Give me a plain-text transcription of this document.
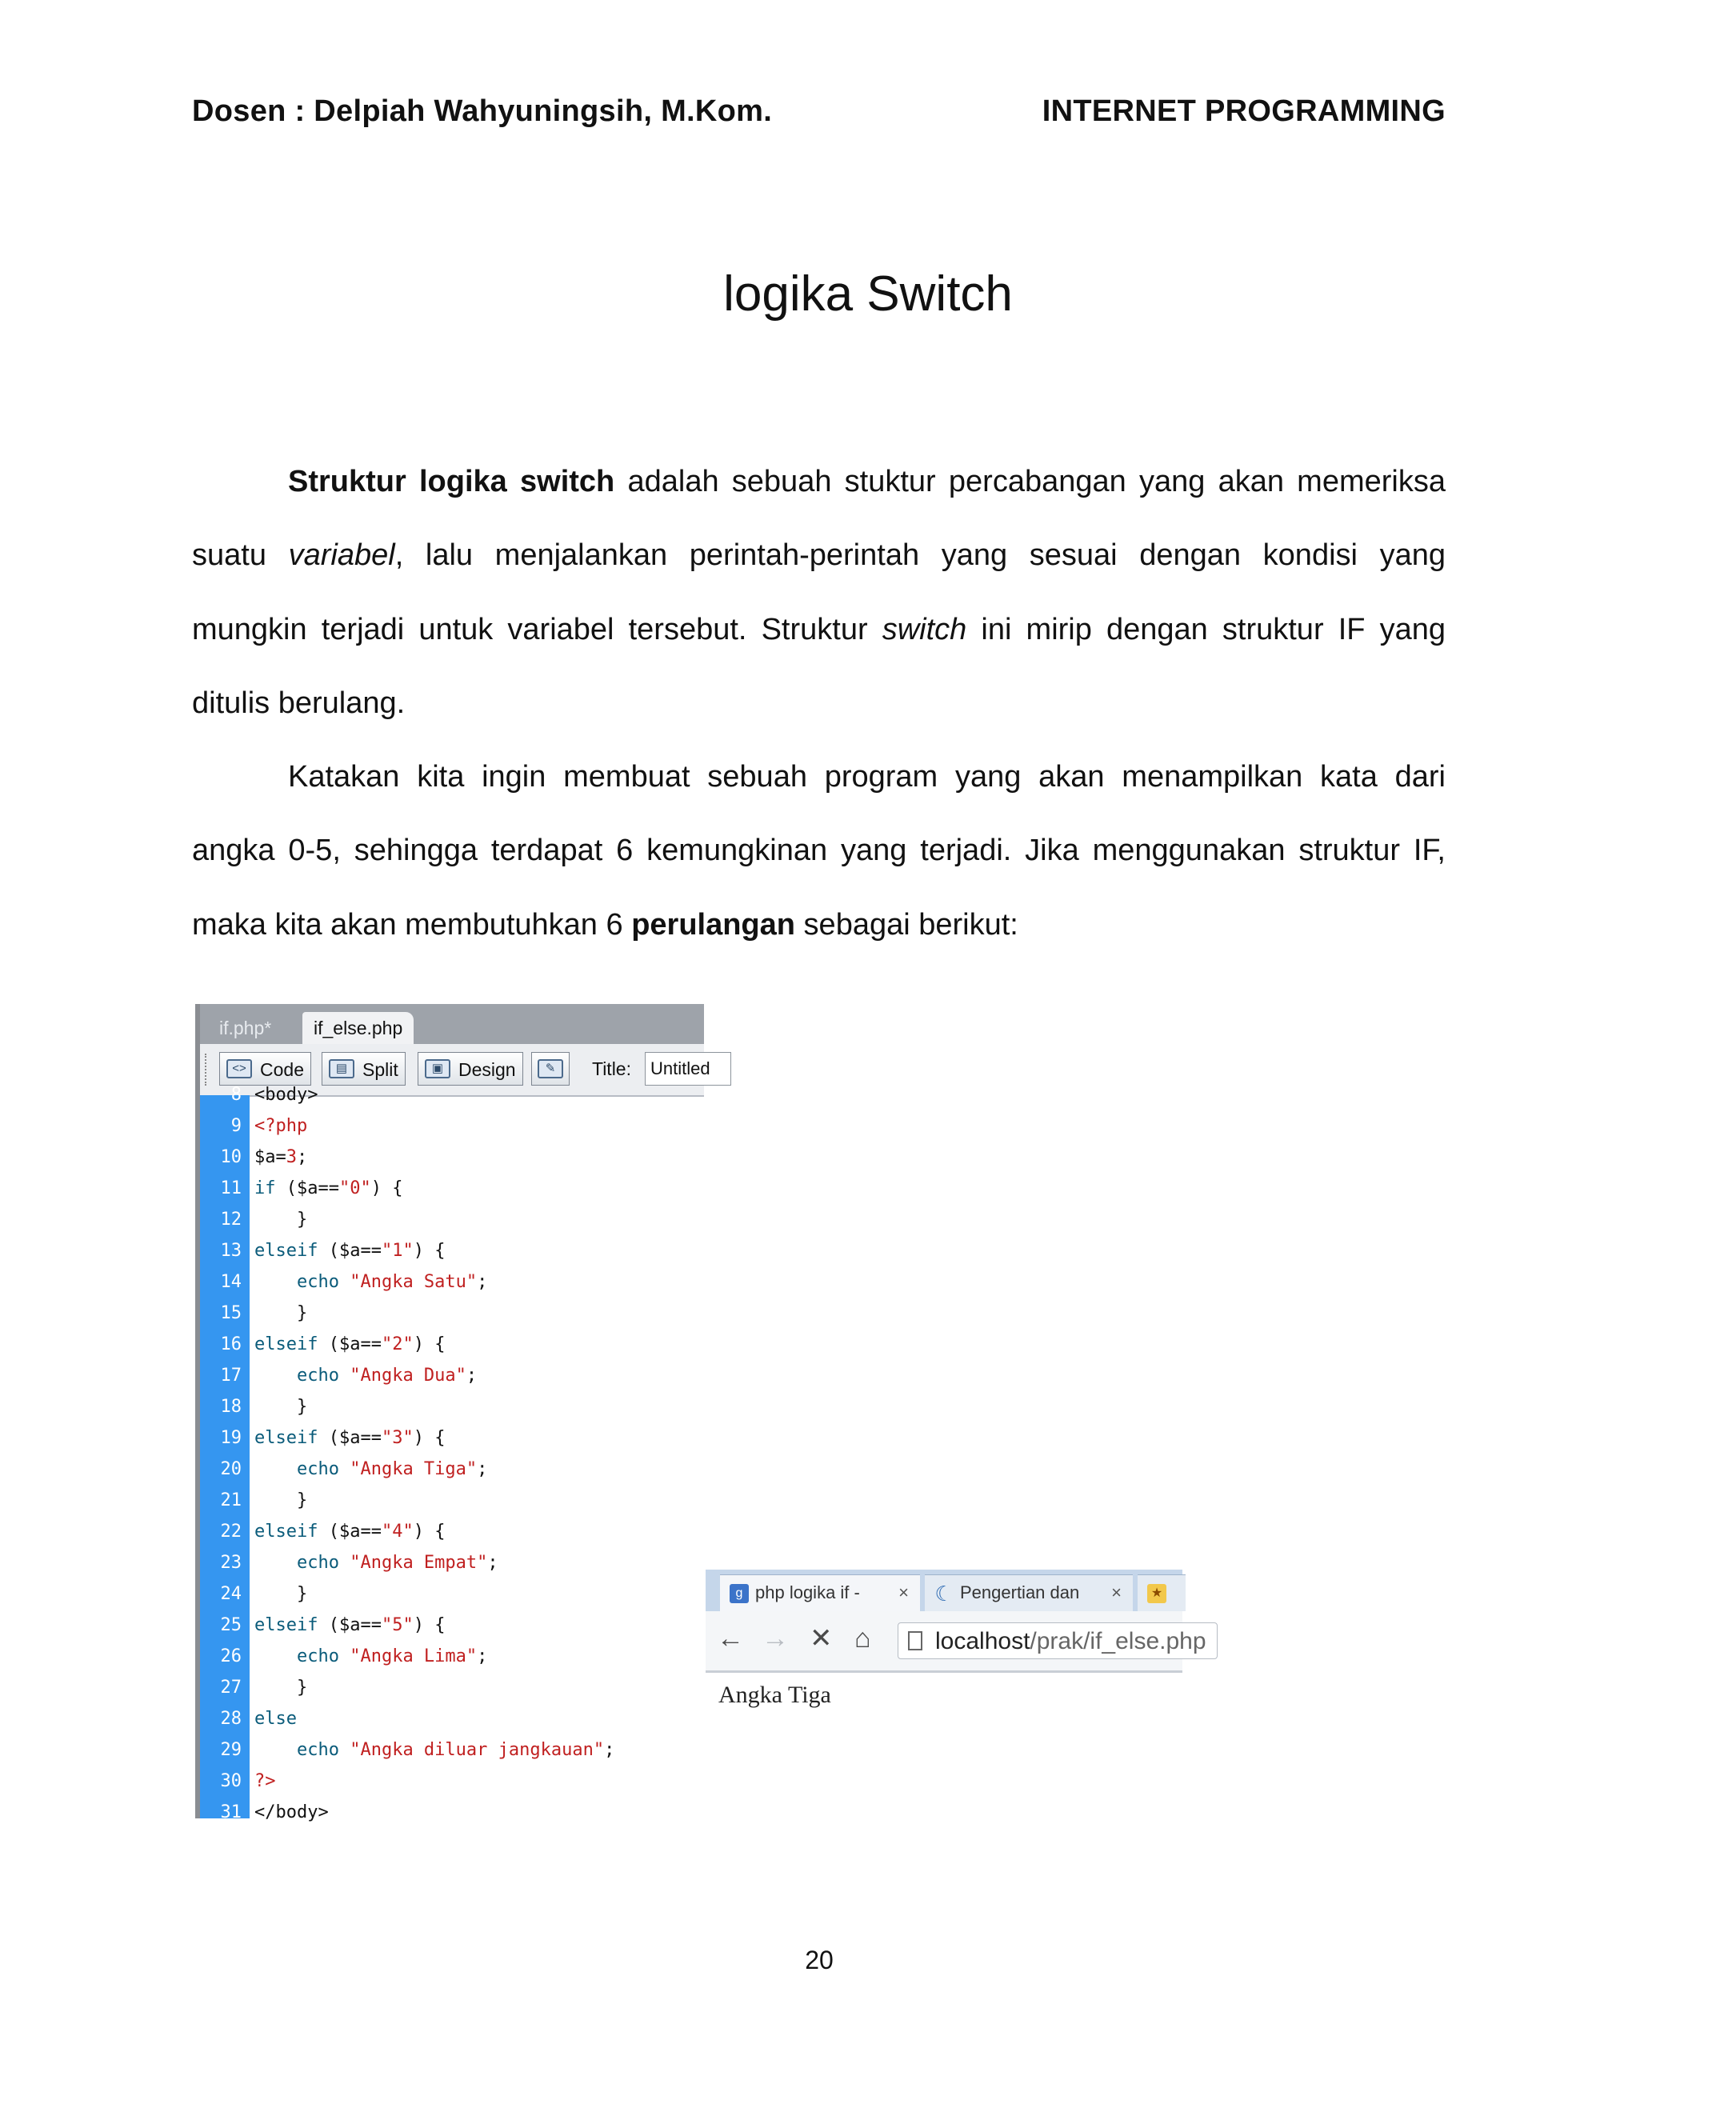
Dosen : Delpiah Wahyuningsih, M.Kom.	INTERNET PROGRAMMING
logika Switch

Struktur logika switch adalah sebuah stuktur percabangan yang akan memeriksa suatu variabel, lalu menjalankan perintah-perintah yang sesuai dengan kondisi yang mungkin terjadi untuk variabel tersebut. Struktur switch ini mirip dengan struktur IF yang ditulis berulang.

Katakan kita ingin membuat sebuah program yang akan menampilkan kata dari angka 0-5, sehingga terdapat 6 kemungkinan yang terjadi. Jika menggunakan struktur IF, maka kita akan membutuhkan 6 perulangan sebagai berikut:

if.php*	if_else.php
<> Code	▤ Split	▣ Design	✎	Title:	Untitled
8 <body>
9 <?php
10 $a=3;
11 if ($a=="0") {
12    }
13 elseif ($a=="1") {
14	echo "Angka Satu";
15    }
16 elseif ($a=="2") {
17	echo "Angka Dua";
18    }
19 elseif ($a=="3") {
20	echo "Angka Tiga";
21    }
22 elseif ($a=="4") {
23	echo "Angka Empat";
24    }
25 elseif ($a=="5") {
26	echo "Angka Lima";
27    }
28 else
29	echo "Angka diluar jangkauan";
30 ?>
31 </body>
g php logika if - ×	☾ Pengertian dan ×	★
← → ✕ ⌂	localhost/prak/if_else.php
Angka Tiga
20
